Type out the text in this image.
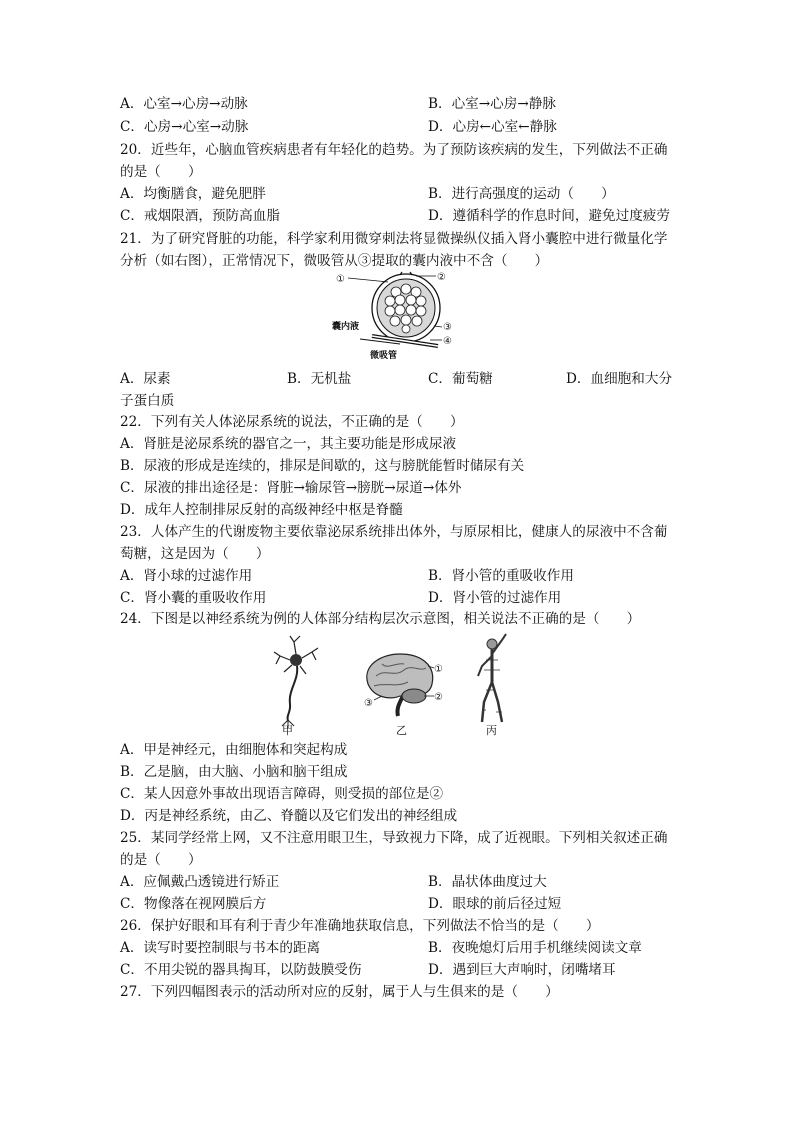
A．心室→心房→动脉	B．心室→心房→静脉
C．心房→心室→动脉	D．心房←心室←静脉
20．近些年，心脑血管疾病患者有年轻化的趋势。为了预防该疾病的发生，下列做法不正确
的是（　　）
A．均衡膳食，避免肥胖	B．进行高强度的运动（　　）
C．戒烟限酒，预防高血脂	D．遵循科学的作息时间，避免过度疲劳
21．为了研究肾脏的功能，科学家利用微穿刺法将显微操纵仪插入肾小囊腔中进行微量化学
分析（如右图），正常情况下，微吸管从③提取的囊内液中不含（　　）
①	②
③
④
囊内液
微吸管
A．尿素	B．无机盐	C．葡萄糖	D．血细胞和大分
子蛋白质
22．下列有关人体泌尿系统的说法，不正确的是（　　）
A．肾脏是泌尿系统的器官之一，其主要功能是形成尿液
B．尿液的形成是连续的，排尿是间歇的，这与膀胱能暂时储尿有关
C．尿液的排出途径是：肾脏→输尿管→膀胱→尿道→体外
D．成年人控制排尿反射的高级神经中枢是脊髓
23．人体产生的代谢废物主要依靠泌尿系统排出体外，与原尿相比，健康人的尿液中不含葡
萄糖，这是因为（　　）
A．肾小球的过滤作用	B．肾小管的重吸收作用
C．肾小囊的重吸收作用	D．肾小管的过滤作用
24．下图是以神经系统为例的人体部分结构层次示意图，相关说法不正确的是（　　）
甲
①
②
③
乙	丙
A．甲是神经元，由细胞体和突起构成
B．乙是脑，由大脑、小脑和脑干组成
C．某人因意外事故出现语言障碍，则受损的部位是②
D．丙是神经系统，由乙、脊髓以及它们发出的神经组成
25．某同学经常上网，又不注意用眼卫生，导致视力下降，成了近视眼。下列相关叙述正确
的是（　　）
A．应佩戴凸透镜进行矫正	B．晶状体曲度过大
C．物像落在视网膜后方	D．眼球的前后径过短
26．保护好眼和耳有利于青少年准确地获取信息，下列做法不恰当的是（　　）
A．读写时要控制眼与书本的距离	B．夜晚熄灯后用手机继续阅读文章
C．不用尖锐的器具掏耳，以防鼓膜受伤	D．遇到巨大声响时，闭嘴堵耳
27．下列四幅图表示的活动所对应的反射，属于人与生俱来的是（　　）
